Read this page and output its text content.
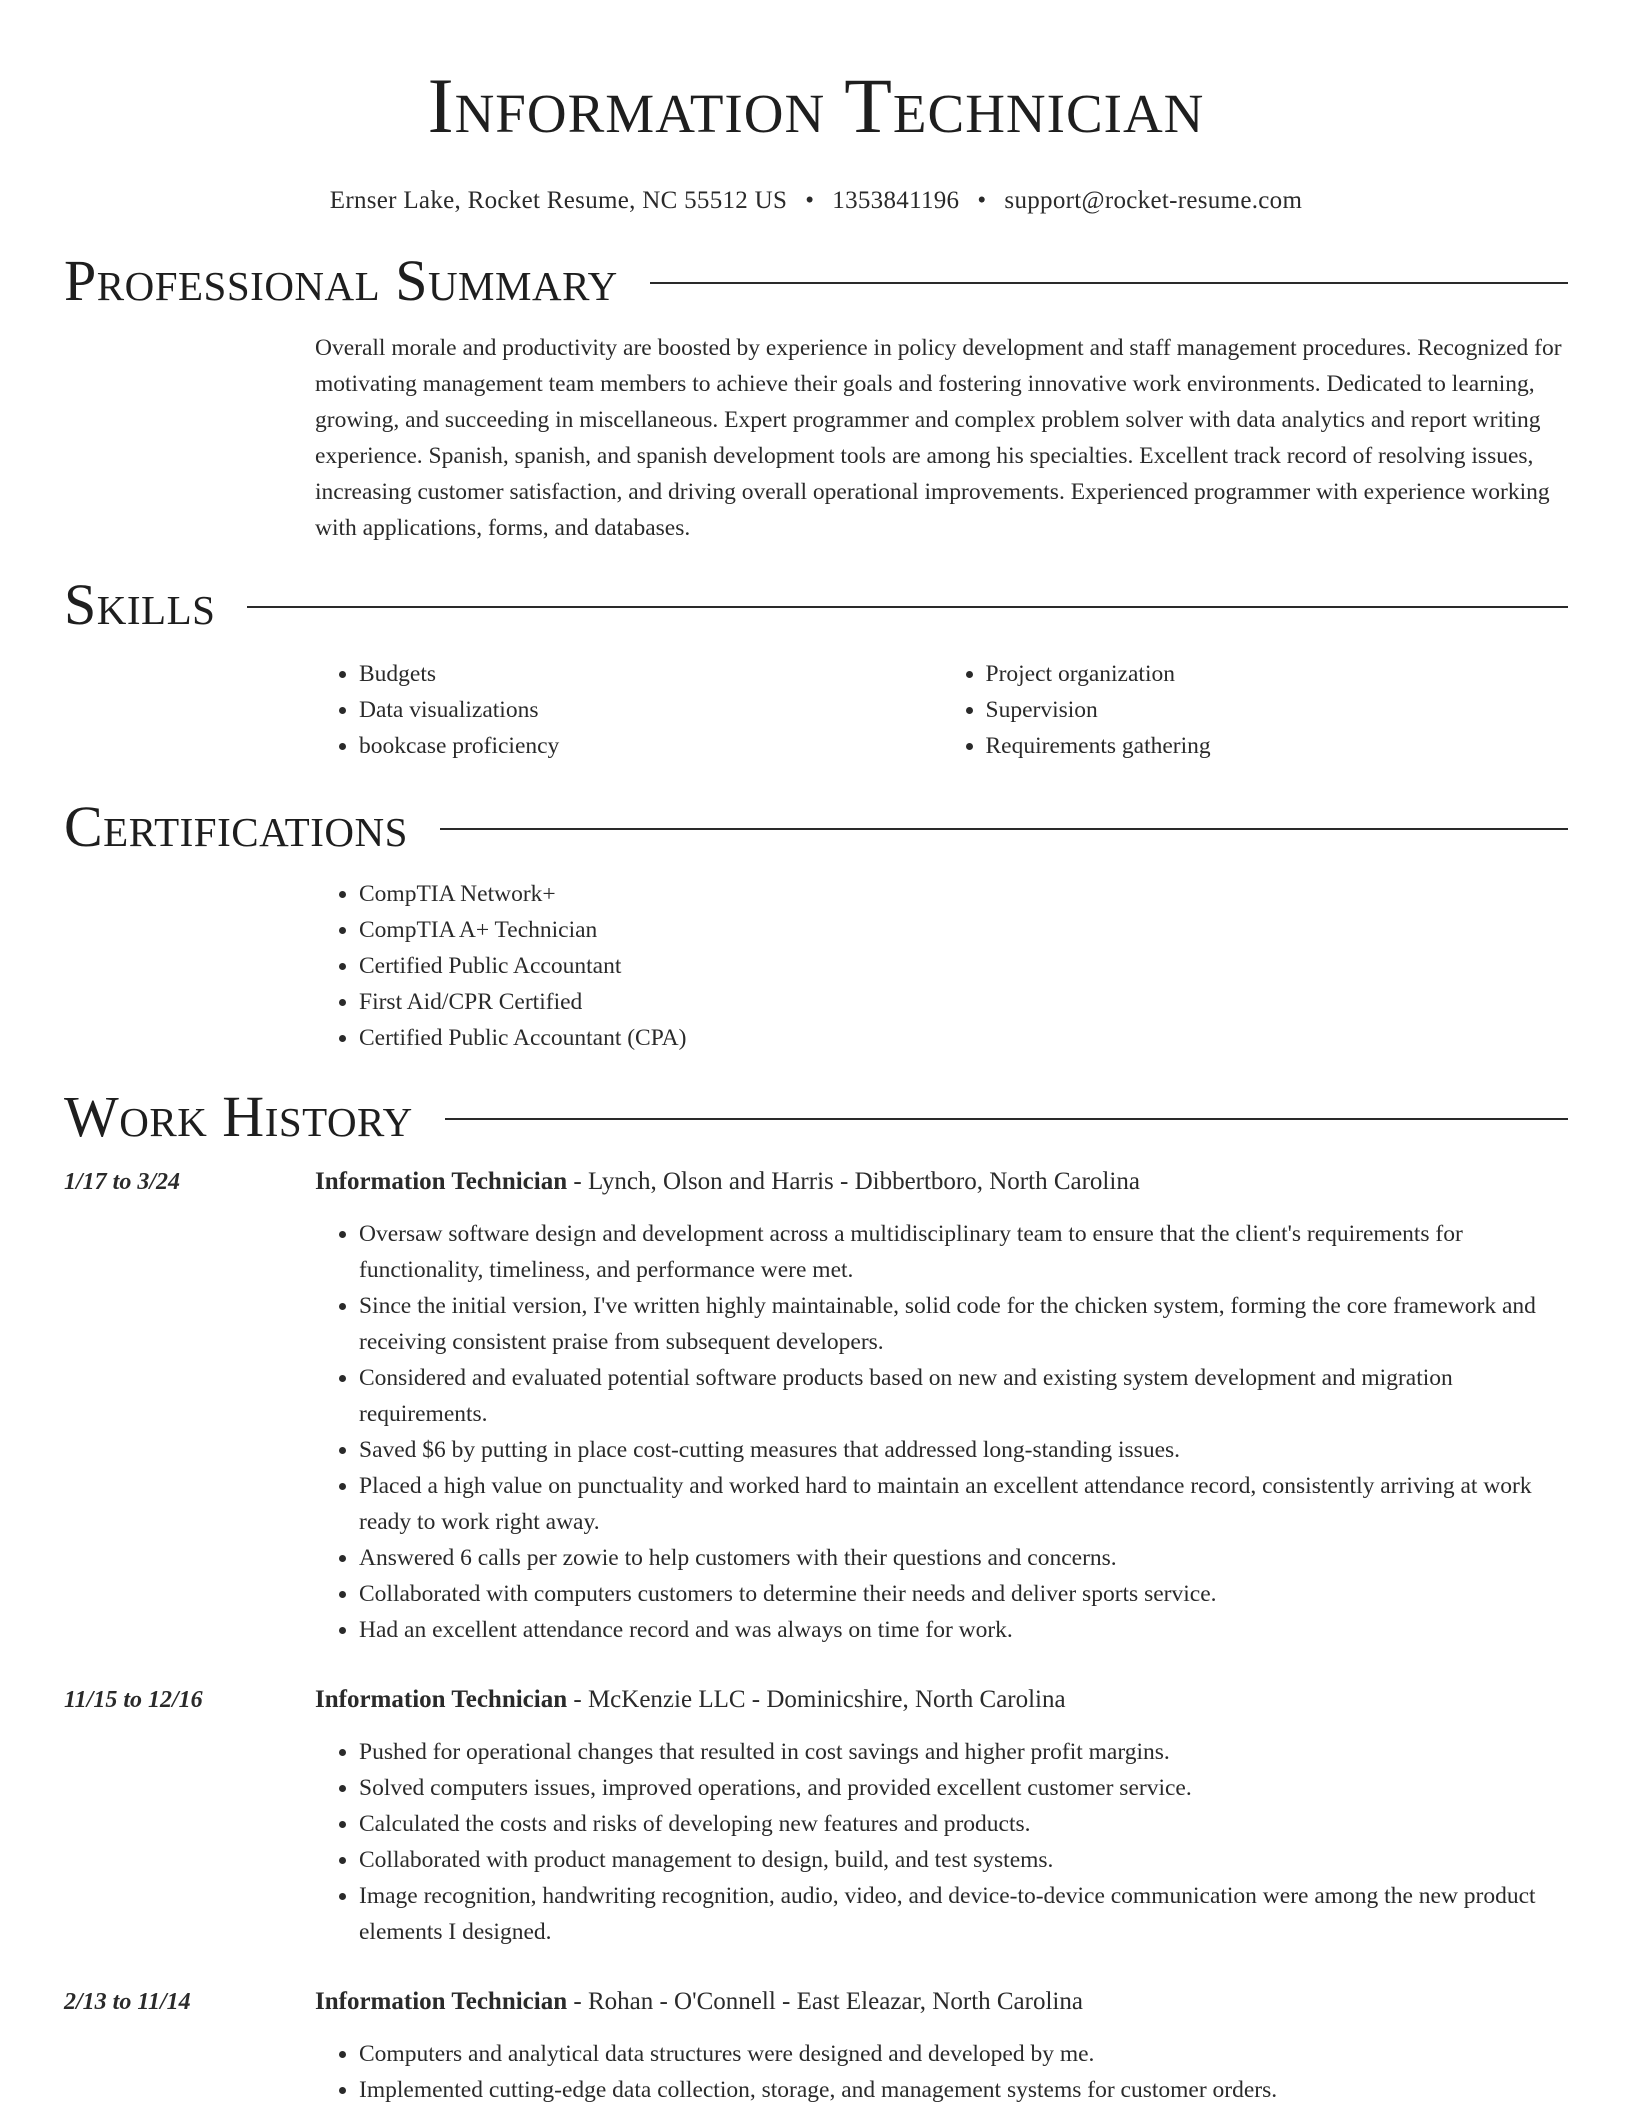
Information Technician
Ernser Lake, Rocket Resume, NC 55512 US • 1353841196 • support@rocket-resume.com
Professional Summary

Overall morale and productivity are boosted by experience in policy development and staff management procedures. Recognized for motivating management team members to achieve their goals and fostering innovative work environments. Dedicated to learning, growing, and succeeding in miscellaneous. Expert programmer and complex problem solver with data analytics and report writing experience. Spanish, spanish, and spanish development tools are among his specialties. Excellent track record of resolving issues, increasing customer satisfaction, and driving overall operational improvements. Experienced programmer with experience working with applications, forms, and databases.

Skills
• Budgets
• Data visualizations
• bookcase proficiency
• Project organization
• Supervision
• Requirements gathering
Certifications
• CompTIA Network+
• CompTIA A+ Technician
• Certified Public Accountant
• First Aid/CPR Certified
• Certified Public Accountant (CPA)
Work History
1/17 to 3/24	Information Technician - Lynch, Olson and Harris - Dibbertboro, North Carolina
• Oversaw software design and development across a multidisciplinary team to ensure that the client's requirements for functionality, timeliness, and performance were met.
• Since the initial version, I've written highly maintainable, solid code for the chicken system, forming the core framework and receiving consistent praise from subsequent developers.
• Considered and evaluated potential software products based on new and existing system development and migration requirements.
• Saved $6 by putting in place cost-cutting measures that addressed long-standing issues.
• Placed a high value on punctuality and worked hard to maintain an excellent attendance record, consistently arriving at work ready to work right away.
• Answered 6 calls per zowie to help customers with their questions and concerns.
• Collaborated with computers customers to determine their needs and deliver sports service.
• Had an excellent attendance record and was always on time for work.
11/15 to 12/16	Information Technician - McKenzie LLC - Dominicshire, North Carolina
• Pushed for operational changes that resulted in cost savings and higher profit margins.
• Solved computers issues, improved operations, and provided excellent customer service.
• Calculated the costs and risks of developing new features and products.
• Collaborated with product management to design, build, and test systems.
• Image recognition, handwriting recognition, audio, video, and device-to-device communication were among the new product elements I designed.
2/13 to 11/14	Information Technician - Rohan - O'Connell - East Eleazar, North Carolina
• Computers and analytical data structures were designed and developed by me.
• Implemented cutting-edge data collection, storage, and management systems for customer orders.
